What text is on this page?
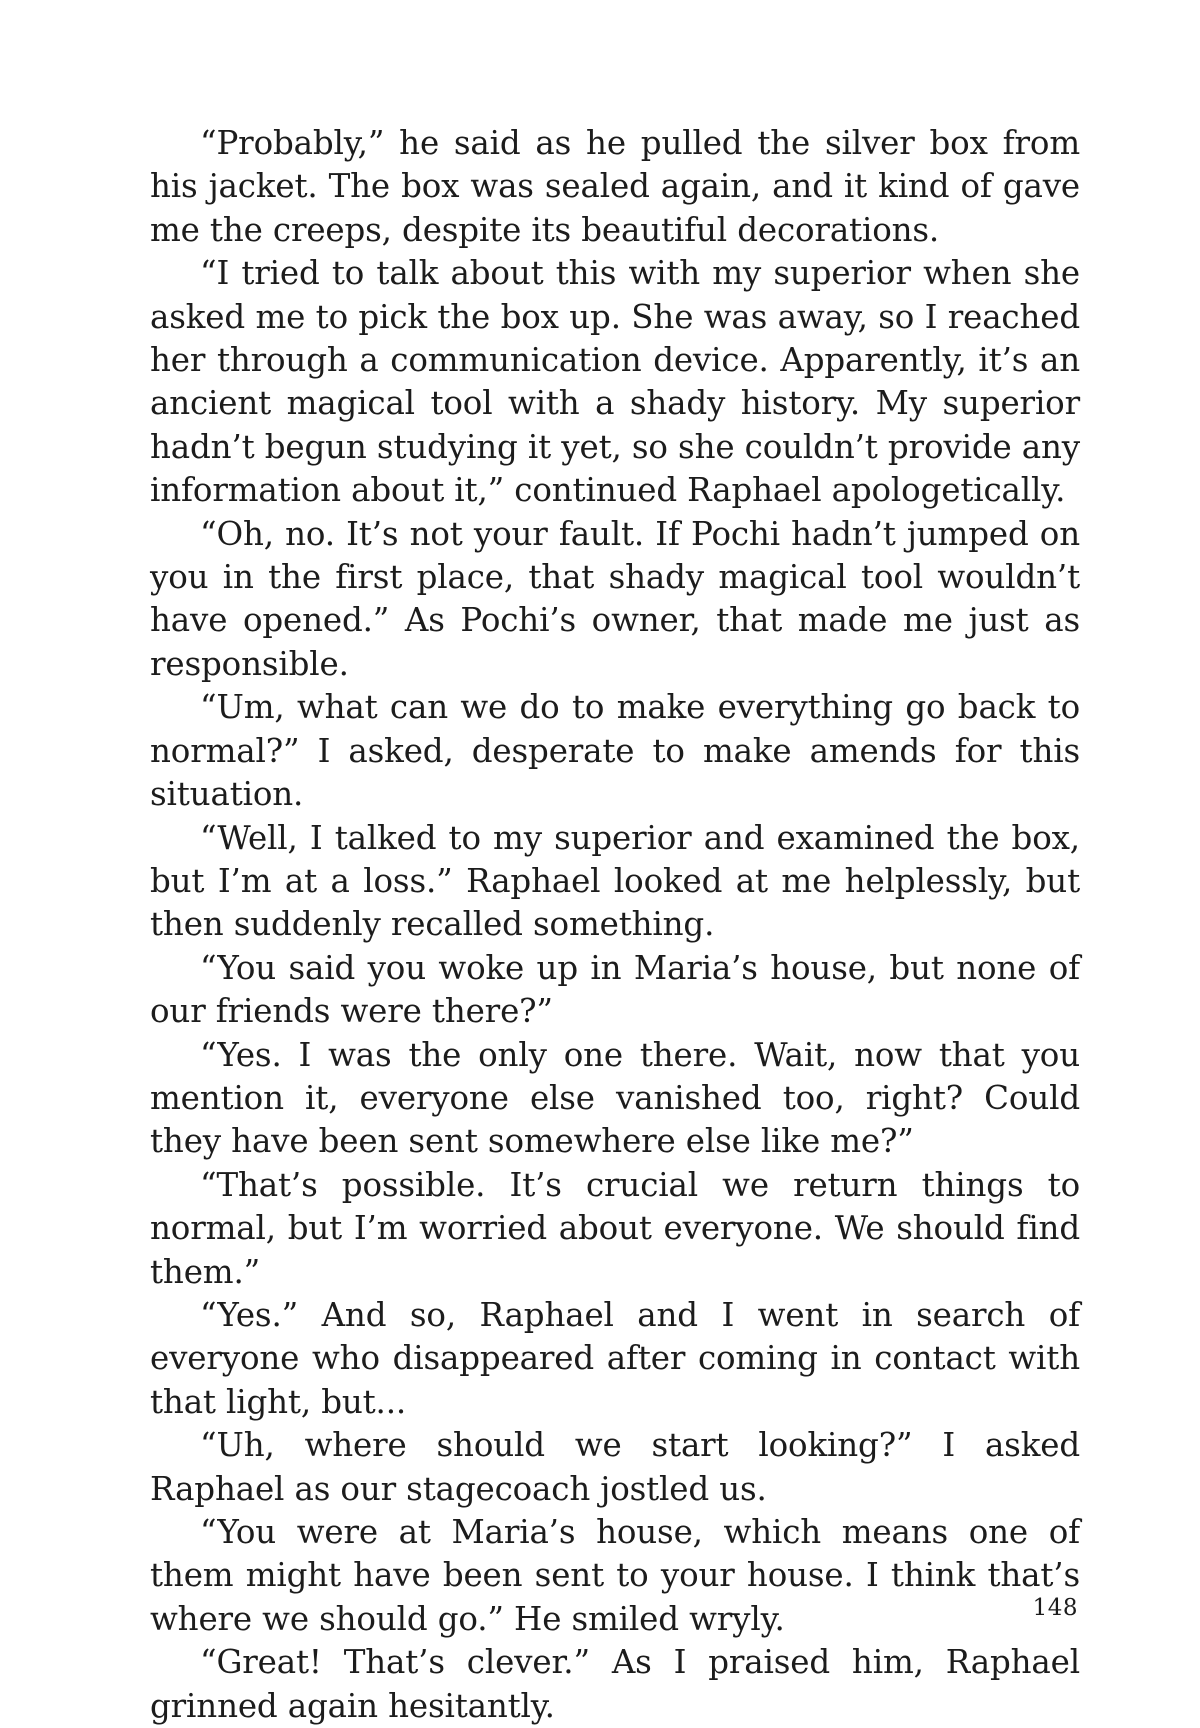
“Probably,” he said as he pulled the silver box from his jacket. The box was sealed again, and it kind of gave me the creeps, despite its beautiful decorations.

“I tried to talk about this with my superior when she asked me to pick the box up. She was away, so I reached her through a communication device. Apparently, it’s an ancient magical tool with a shady history. My superior hadn’t begun studying it yet, so she couldn’t provide any information about it,” continued Raphael apologetically.

“Oh, no. It’s not your fault. If Pochi hadn’t jumped on you in the first place, that shady magical tool wouldn’t have opened.” As Pochi’s owner, that made me just as responsible.

“Um, what can we do to make everything go back to normal?” I asked, desperate to make amends for this situation.

“Well, I talked to my superior and examined the box, but I’m at a loss.” Raphael looked at me helplessly, but then suddenly recalled something.

“You said you woke up in Maria’s house, but none of our friends were there?”

“Yes. I was the only one there. Wait, now that you mention it, everyone else vanished too, right? Could they have been sent somewhere else like me?”

“That’s possible. It’s crucial we return things to normal, but I’m worried about everyone. We should find them.”

“Yes.” And so, Raphael and I went in search of everyone who disappeared after coming in contact with that light, but...

“Uh, where should we start looking?” I asked Raphael as our stagecoach jostled us.

“You were at Maria’s house, which means one of them might have been sent to your house. I think that’s where we should go.” He smiled wryly.

“Great! That’s clever.” As I praised him, Raphael grinned again hesitantly.

148
